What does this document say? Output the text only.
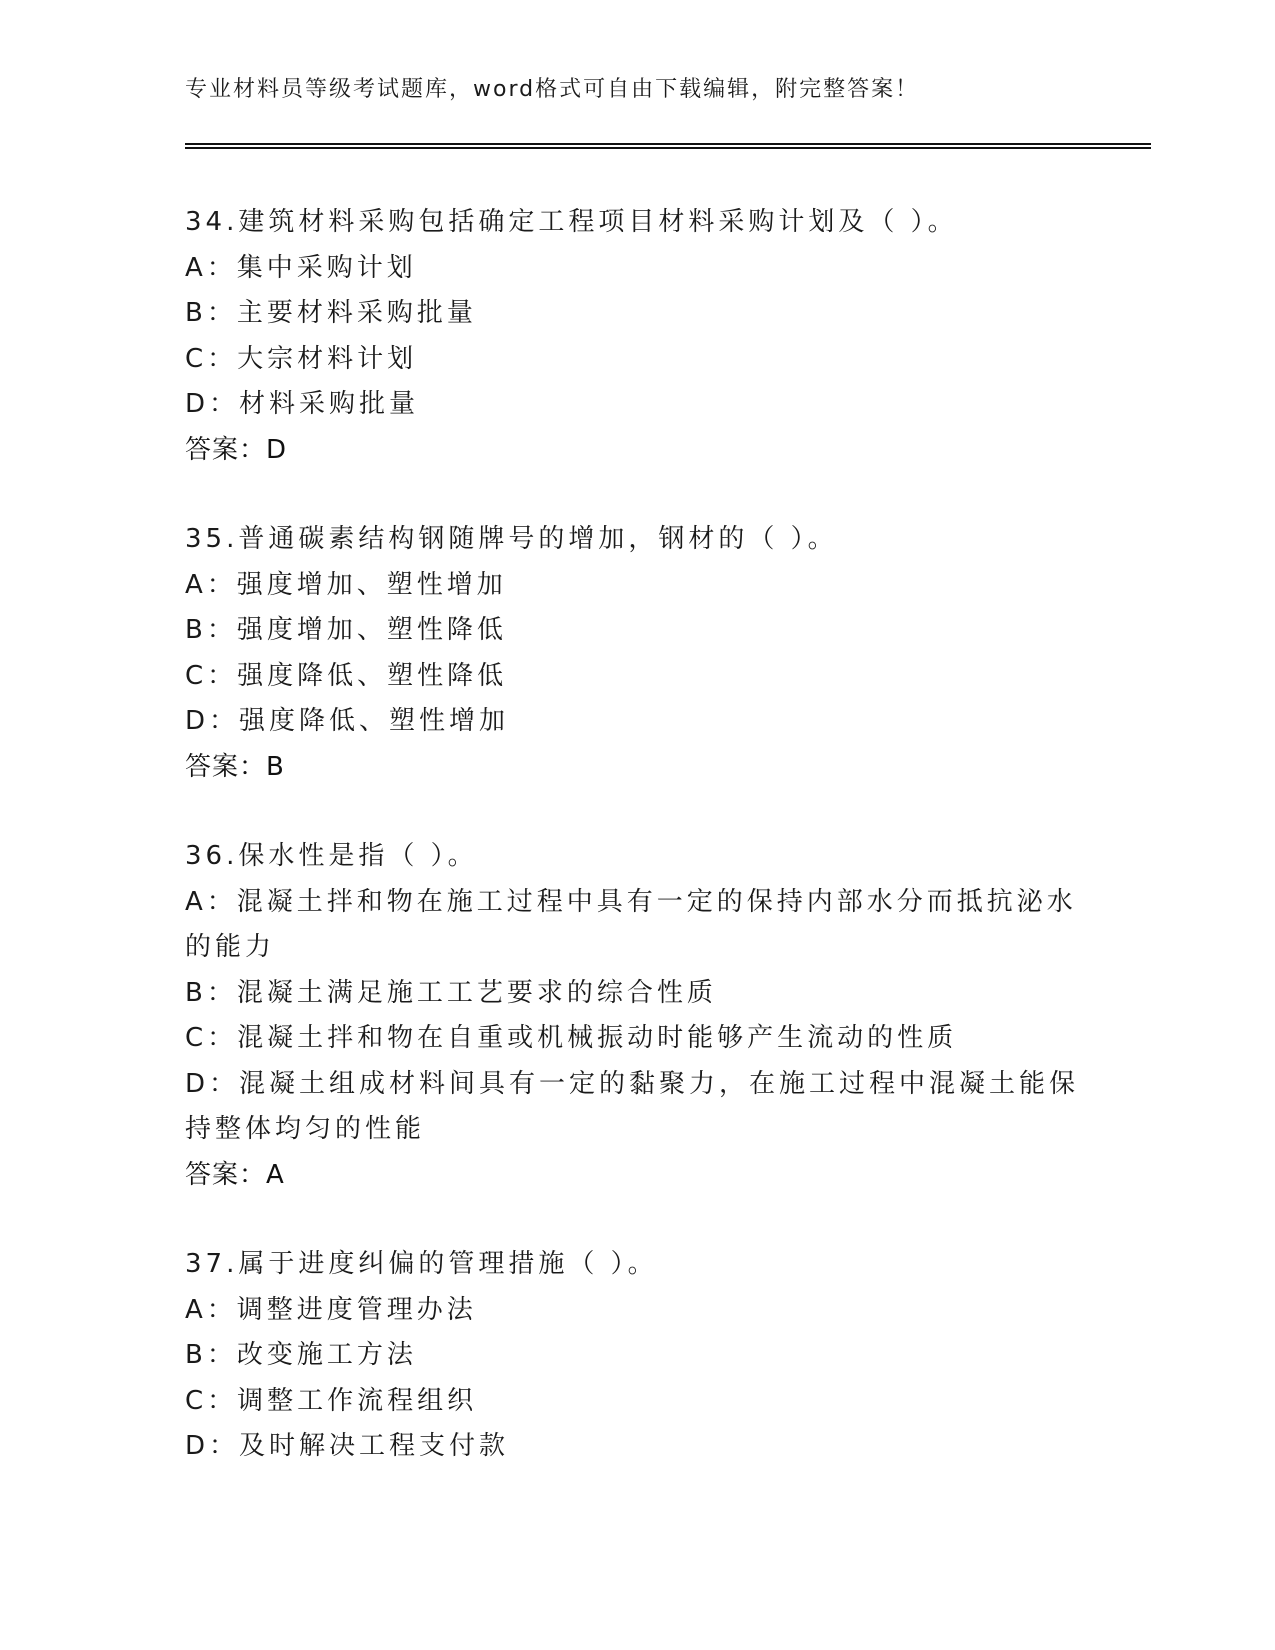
专业材料员等级考试题库，word格式可自由下载编辑，附完整答案！
34.建筑材料采购包括确定工程项目材料采购计划及（ ）。
A：集中采购计划
B：主要材料采购批量
C：大宗材料计划
D：材料采购批量
答案：D
35.普通碳素结构钢随牌号的增加，钢材的（ ）。
A：强度增加、塑性增加
B：强度增加、塑性降低
C：强度降低、塑性降低
D：强度降低、塑性增加
答案：B
36.保水性是指（ ）。
A：混凝土拌和物在施工过程中具有一定的保持内部水分而抵抗泌水的能力
B：混凝土满足施工工艺要求的综合性质
C：混凝土拌和物在自重或机械振动时能够产生流动的性质
D：混凝土组成材料间具有一定的黏聚力，在施工过程中混凝土能保持整体均匀的性能
答案：A
37.属于进度纠偏的管理措施（ ）。
A：调整进度管理办法
B：改变施工方法
C：调整工作流程组织
D：及时解决工程支付款
